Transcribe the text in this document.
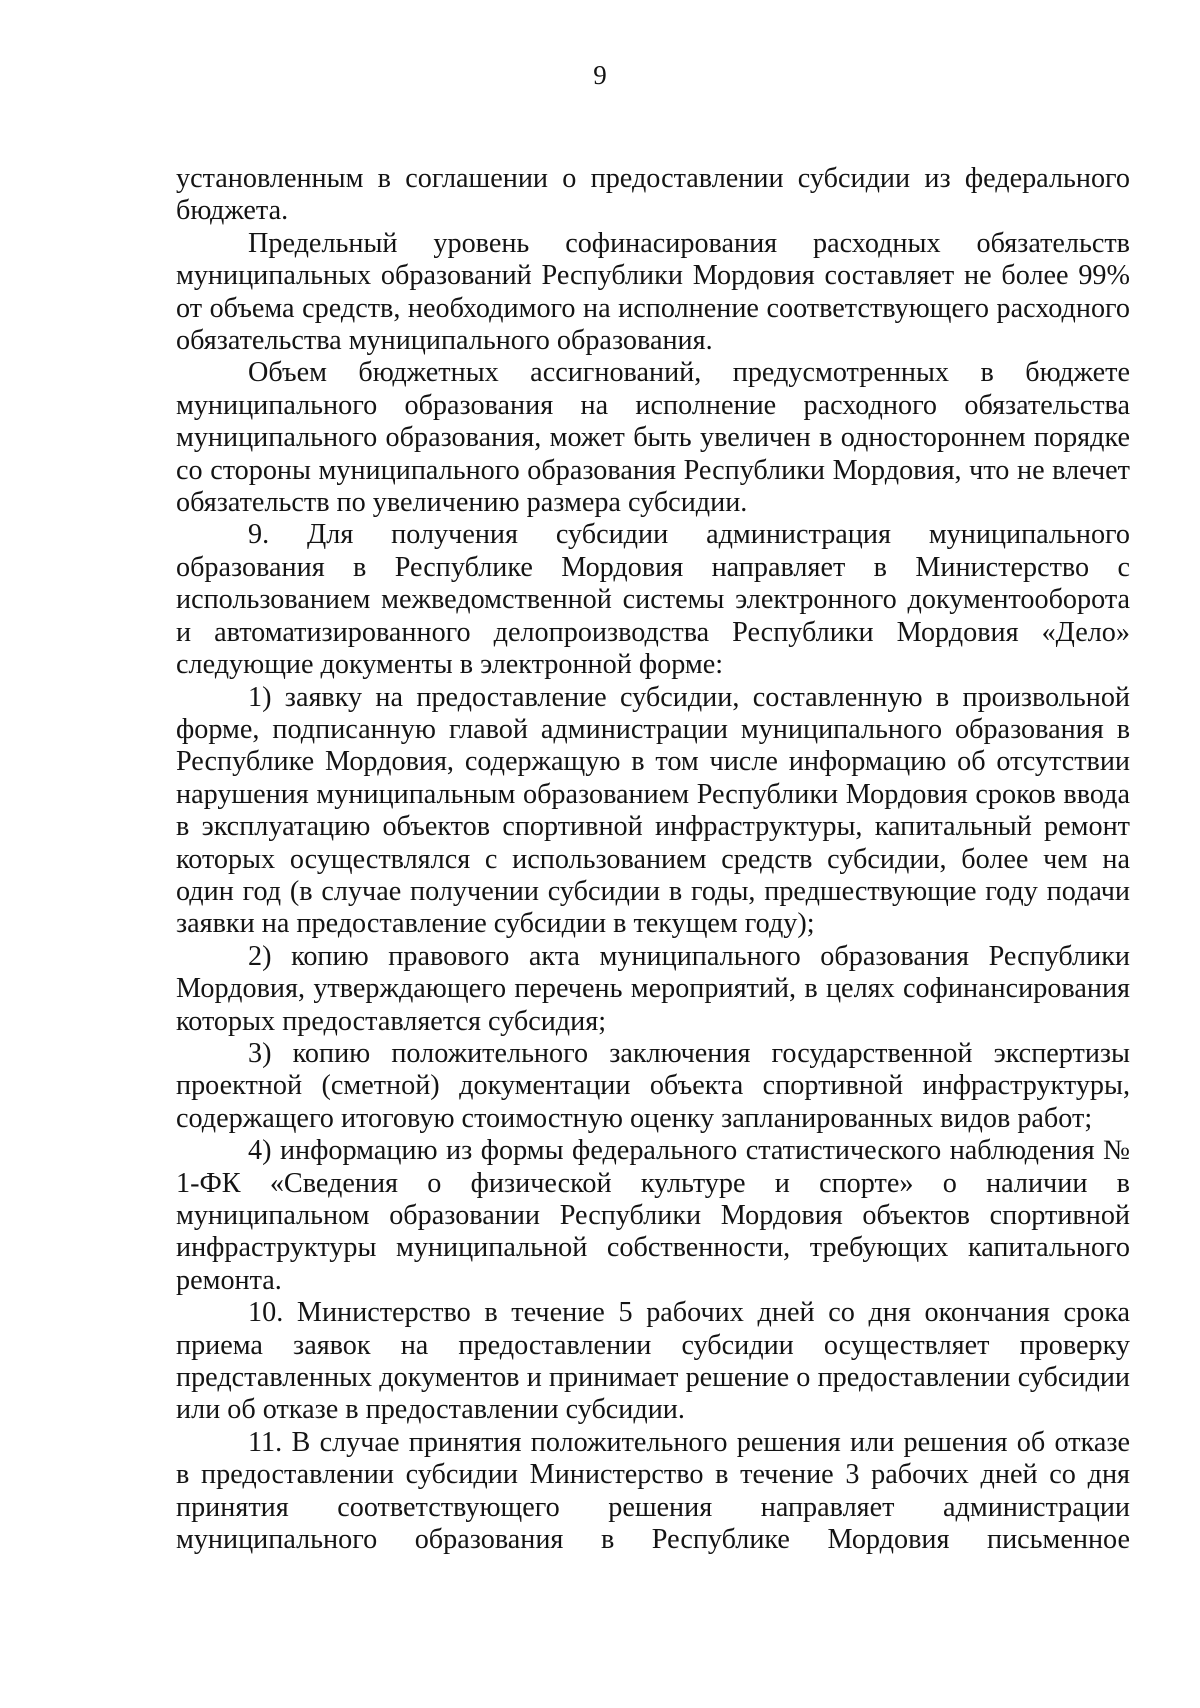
9

установленным в соглашении о предоставлении субсидии из федерального бюджета.

Предельный уровень софинасирования расходных обязательств муниципальных образований Республики Мордовия составляет не более 99% от объема средств, необходимого на исполнение соответствующего расходного обязательства муниципального образования.

Объем бюджетных ассигнований, предусмотренных в бюджете муниципального образования на исполнение расходного обязательства муниципального образования, может быть увеличен в одностороннем порядке со стороны муниципального образования Республики Мордовия, что не влечет обязательств по увеличению размера субсидии.

9. Для получения субсидии администрация муниципального образования в Республике Мордовия направляет в Министерство с использованием межведомственной системы электронного документооборота и автоматизированного делопроизводства Республики Мордовия «Дело» следующие документы в электронной форме:

1) заявку на предоставление субсидии, составленную в произвольной форме, подписанную главой администрации муниципального образования в Республике Мордовия, содержащую в том числе информацию об отсутствии нарушения муниципальным образованием Республики Мордовия сроков ввода в эксплуатацию объектов спортивной инфраструктуры, капитальный ремонт которых осуществлялся с использованием средств субсидии, более чем на один год (в случае получении субсидии в годы, предшествующие году подачи заявки на предоставление субсидии в текущем году);

2) копию правового акта муниципального образования Республики Мордовия, утверждающего перечень мероприятий, в целях софинансирования которых предоставляется субсидия;

3) копию положительного заключения государственной экспертизы проектной (сметной) документации объекта спортивной инфраструктуры, содержащего итоговую стоимостную оценку запланированных видов работ;

4) информацию из формы федерального статистического наблюдения № 1-ФК «Сведения о физической культуре и спорте» о наличии в муниципальном образовании Республики Мордовия объектов спортивной инфраструктуры муниципальной собственности, требующих капитального ремонта.

10. Министерство в течение 5 рабочих дней со дня окончания срока приема заявок на предоставлении субсидии осуществляет проверку представленных документов и принимает решение о предоставлении субсидии или об отказе в предоставлении субсидии.

11. В случае принятия положительного решения или решения об отказе в предоставлении субсидии Министерство в течение 3 рабочих дней со дня принятия соответствующего решения направляет администрации муниципального образования в Республике Мордовия письменное
